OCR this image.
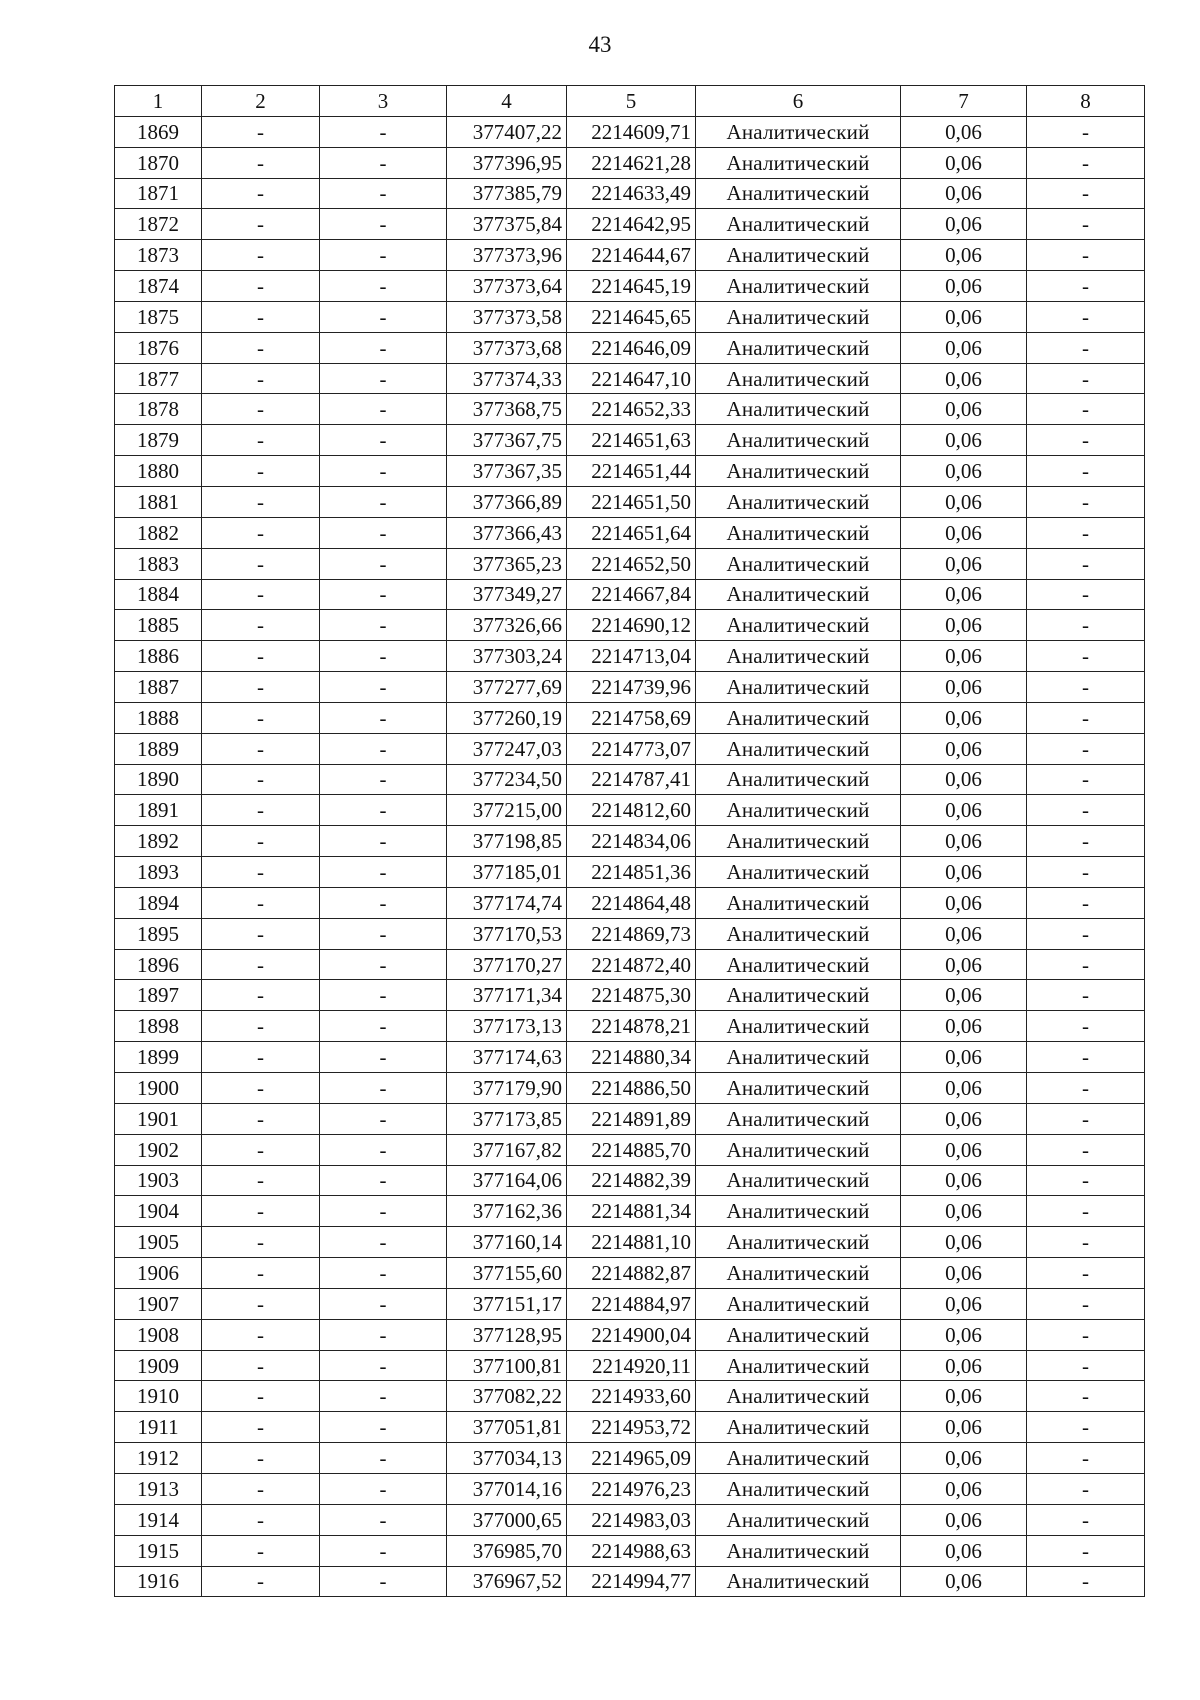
43
1	2	3	4	5	6	7	8
1869	-	-	377407,22	2214609,71	Аналитический	0,06	-
1870	-	-	377396,95	2214621,28	Аналитический	0,06	-
1871	-	-	377385,79	2214633,49	Аналитический	0,06	-
1872	-	-	377375,84	2214642,95	Аналитический	0,06	-
1873	-	-	377373,96	2214644,67	Аналитический	0,06	-
1874	-	-	377373,64	2214645,19	Аналитический	0,06	-
1875	-	-	377373,58	2214645,65	Аналитический	0,06	-
1876	-	-	377373,68	2214646,09	Аналитический	0,06	-
1877	-	-	377374,33	2214647,10	Аналитический	0,06	-
1878	-	-	377368,75	2214652,33	Аналитический	0,06	-
1879	-	-	377367,75	2214651,63	Аналитический	0,06	-
1880	-	-	377367,35	2214651,44	Аналитический	0,06	-
1881	-	-	377366,89	2214651,50	Аналитический	0,06	-
1882	-	-	377366,43	2214651,64	Аналитический	0,06	-
1883	-	-	377365,23	2214652,50	Аналитический	0,06	-
1884	-	-	377349,27	2214667,84	Аналитический	0,06	-
1885	-	-	377326,66	2214690,12	Аналитический	0,06	-
1886	-	-	377303,24	2214713,04	Аналитический	0,06	-
1887	-	-	377277,69	2214739,96	Аналитический	0,06	-
1888	-	-	377260,19	2214758,69	Аналитический	0,06	-
1889	-	-	377247,03	2214773,07	Аналитический	0,06	-
1890	-	-	377234,50	2214787,41	Аналитический	0,06	-
1891	-	-	377215,00	2214812,60	Аналитический	0,06	-
1892	-	-	377198,85	2214834,06	Аналитический	0,06	-
1893	-	-	377185,01	2214851,36	Аналитический	0,06	-
1894	-	-	377174,74	2214864,48	Аналитический	0,06	-
1895	-	-	377170,53	2214869,73	Аналитический	0,06	-
1896	-	-	377170,27	2214872,40	Аналитический	0,06	-
1897	-	-	377171,34	2214875,30	Аналитический	0,06	-
1898	-	-	377173,13	2214878,21	Аналитический	0,06	-
1899	-	-	377174,63	2214880,34	Аналитический	0,06	-
1900	-	-	377179,90	2214886,50	Аналитический	0,06	-
1901	-	-	377173,85	2214891,89	Аналитический	0,06	-
1902	-	-	377167,82	2214885,70	Аналитический	0,06	-
1903	-	-	377164,06	2214882,39	Аналитический	0,06	-
1904	-	-	377162,36	2214881,34	Аналитический	0,06	-
1905	-	-	377160,14	2214881,10	Аналитический	0,06	-
1906	-	-	377155,60	2214882,87	Аналитический	0,06	-
1907	-	-	377151,17	2214884,97	Аналитический	0,06	-
1908	-	-	377128,95	2214900,04	Аналитический	0,06	-
1909	-	-	377100,81	2214920,11	Аналитический	0,06	-
1910	-	-	377082,22	2214933,60	Аналитический	0,06	-
1911	-	-	377051,81	2214953,72	Аналитический	0,06	-
1912	-	-	377034,13	2214965,09	Аналитический	0,06	-
1913	-	-	377014,16	2214976,23	Аналитический	0,06	-
1914	-	-	377000,65	2214983,03	Аналитический	0,06	-
1915	-	-	376985,70	2214988,63	Аналитический	0,06	-
1916	-	-	376967,52	2214994,77	Аналитический	0,06	-
